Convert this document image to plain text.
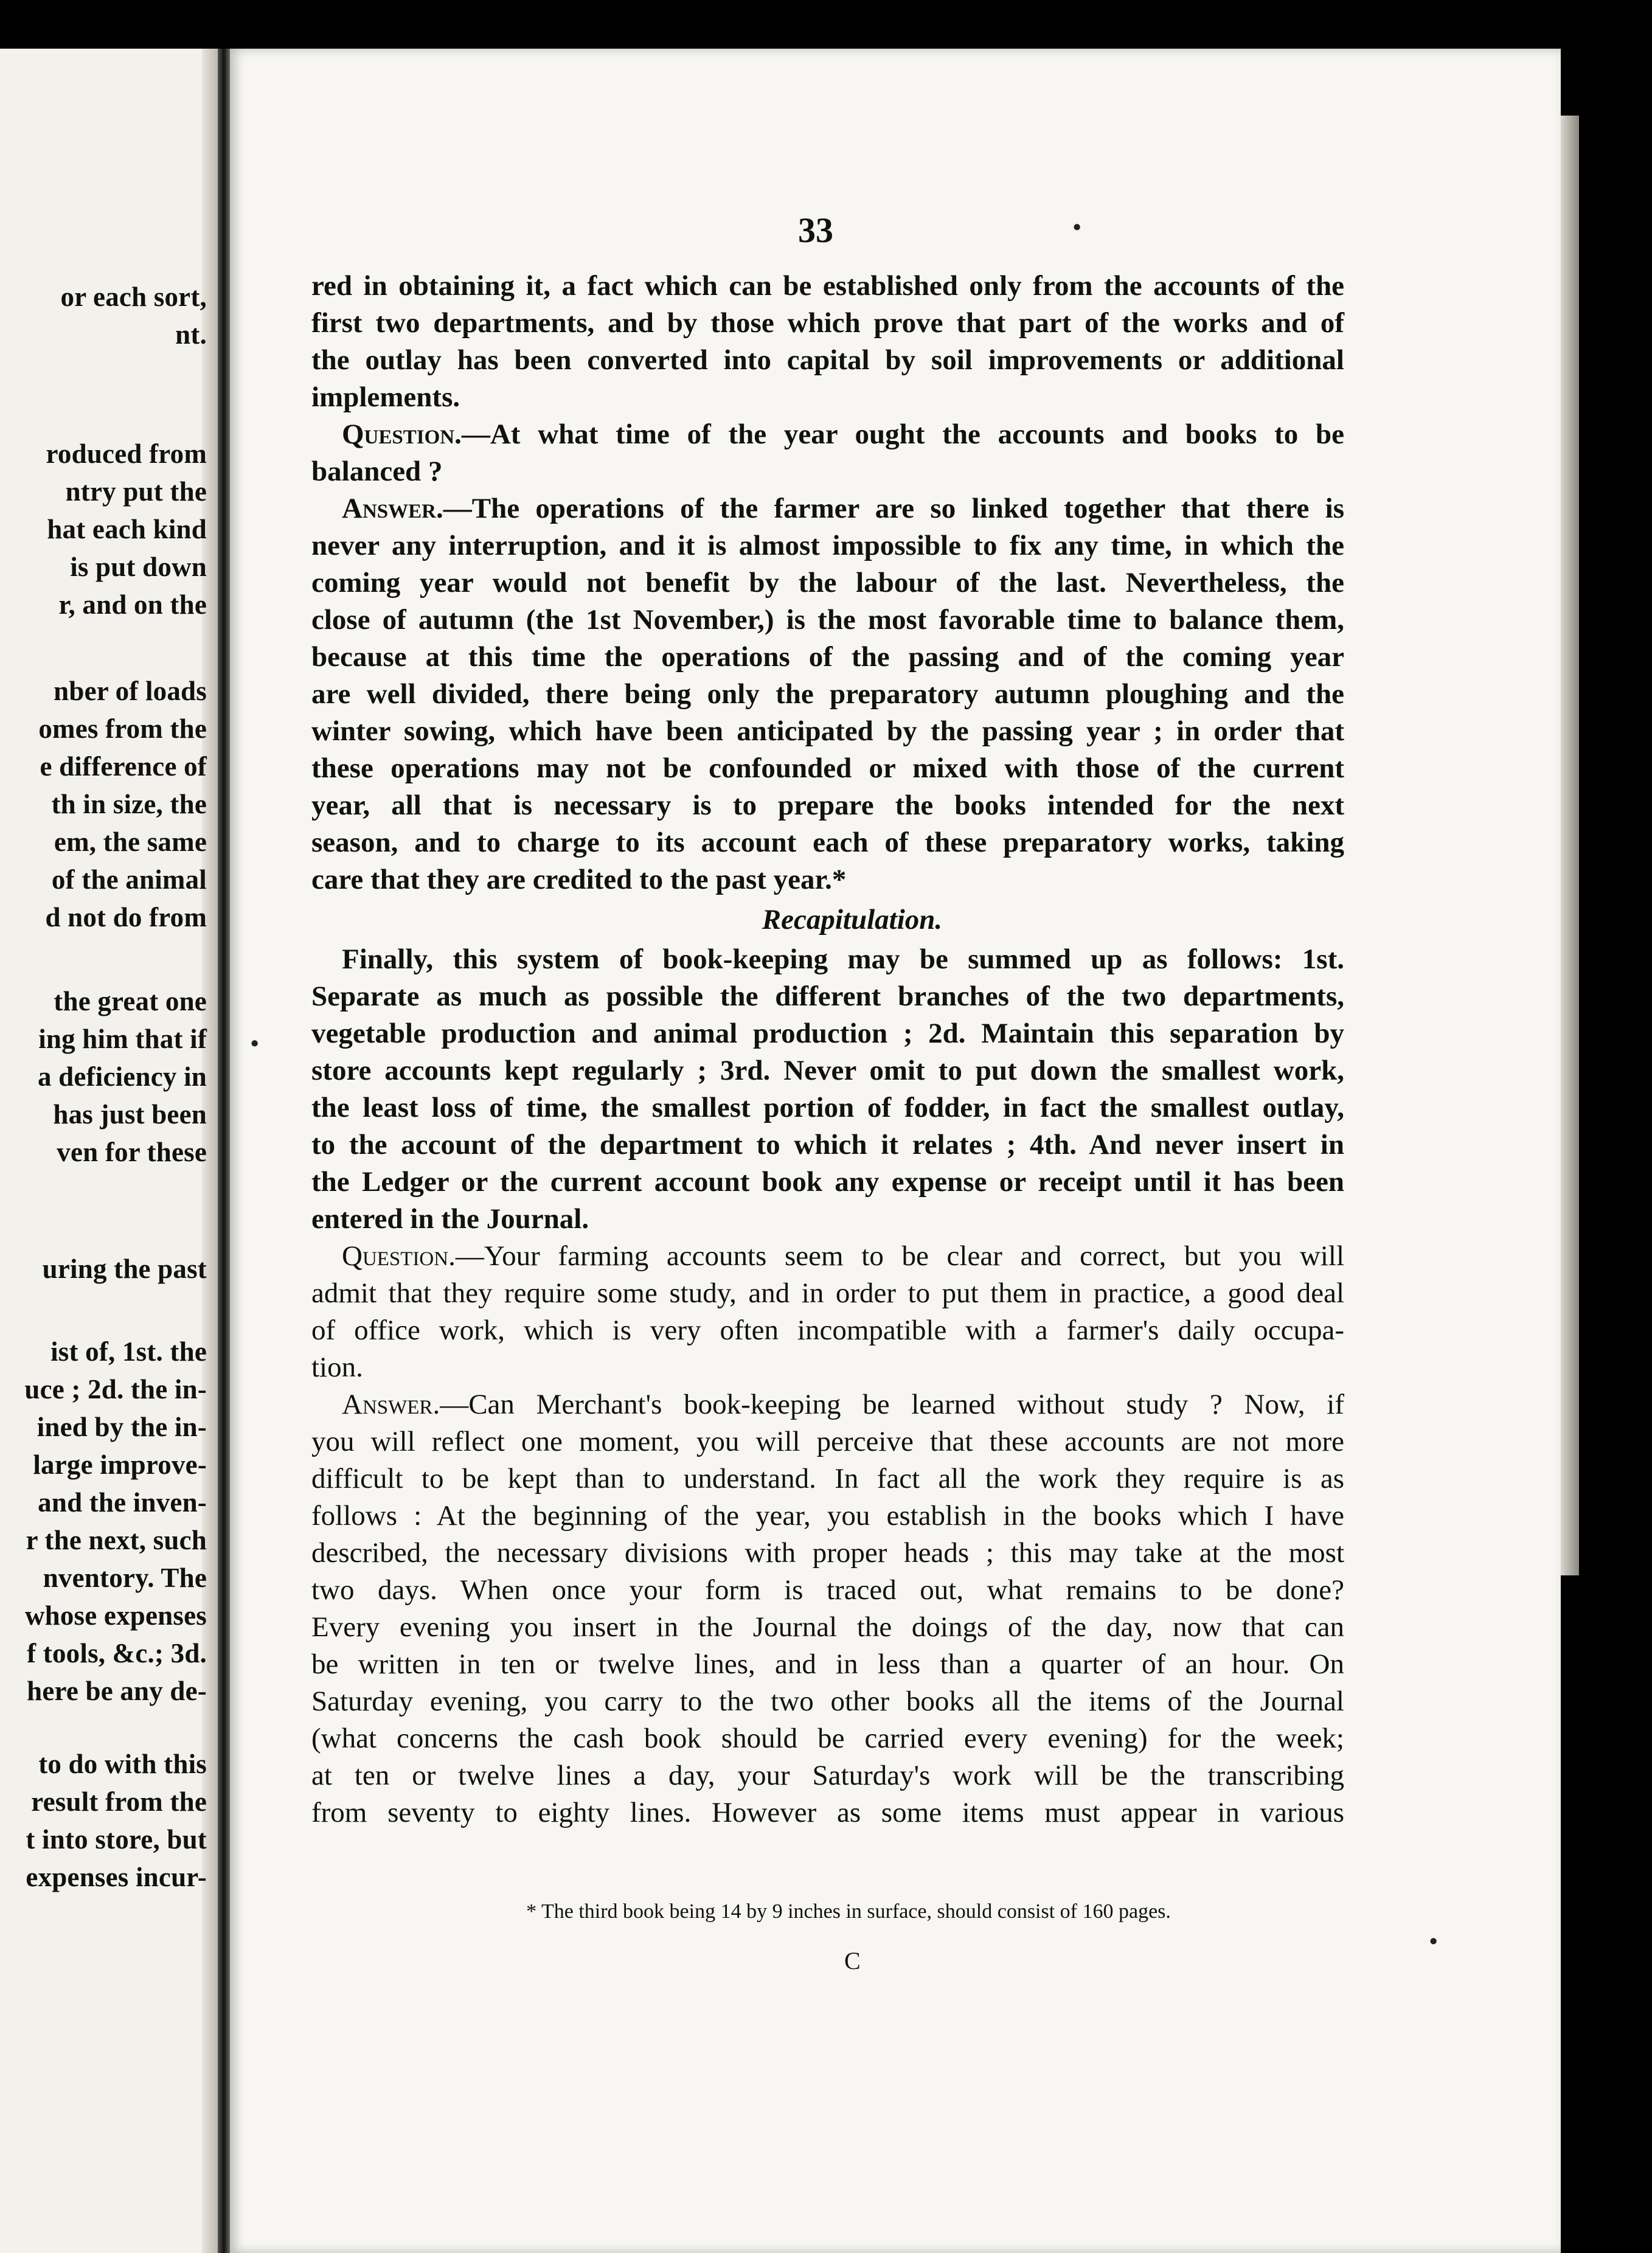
or each sort,
nt.
roduced from
ntry put the
hat each kind
is put down
r, and on the
nber of loads
omes from the
e difference of
th in size, the
em, the same
of the animal
d not do from
the great one
ing him that if
a deficiency in
has just been
ven for these
uring the past
ist of, 1st. the
uce ; 2d. the in-
ined by the in-
large improve-
and the inven-
r the next, such
nventory. The
whose expenses
f tools, &c.; 3d.
here be any de-
to do with this
result from the
t into store, but
expenses incur-
33	•
•
•
red in obtaining it, a fact which can be established only from the accounts of the
first two departments, and by those which prove that part of the works and of
the outlay has been converted into capital by soil improvements or additional
implements.
Question.—At what time of the year ought the accounts and books to be
balanced ?
Answer.—The operations of the farmer are so linked together that there is
never any interruption, and it is almost impossible to fix any time, in which the
coming year would not benefit by the labour of the last. Nevertheless, the
close of autumn (the 1st November,) is the most favorable time to balance them,
because at this time the operations of the passing and of the coming year
are well divided, there being only the preparatory autumn ploughing and the
winter sowing, which have been anticipated by the passing year ; in order that
these operations may not be confounded or mixed with those of the current
year, all that is necessary is to prepare the books intended for the next
season, and to charge to its account each of these preparatory works, taking
care that they are credited to the past year.*
Recapitulation.
Finally, this system of book-keeping may be summed up as follows: 1st.
Separate as much as possible the different branches of the two departments,
vegetable production and animal production ; 2d. Maintain this separation by
store accounts kept regularly ; 3rd. Never omit to put down the smallest work,
the least loss of time, the smallest portion of fodder, in fact the smallest outlay,
to the account of the department to which it relates ; 4th. And never insert in
the Ledger or the current account book any expense or receipt until it has been
entered in the Journal.
Question.—Your farming accounts seem to be clear and correct, but you will
admit that they require some study, and in order to put them in practice, a good deal
of office work, which is very often incompatible with a farmer's daily occupa-
tion.
Answer.—Can Merchant's book-keeping be learned without study ? Now, if
you will reflect one moment, you will perceive that these accounts are not more
difficult to be kept than to understand. In fact all the work they require is as
follows : At the beginning of the year, you establish in the books which I have
described, the necessary divisions with proper heads ; this may take at the most
two days. When once your form is traced out, what remains to be done?
Every evening you insert in the Journal the doings of the day, now that can
be written in ten or twelve lines, and in less than a quarter of an hour. On
Saturday evening, you carry to the two other books all the items of the Journal
(what concerns the cash book should be carried every evening) for the week;
at ten or twelve lines a day, your Saturday's work will be the transcribing
from seventy to eighty lines. However as some items must appear in various
* The third book being 14 by 9 inches in surface, should consist of 160 pages.
C
